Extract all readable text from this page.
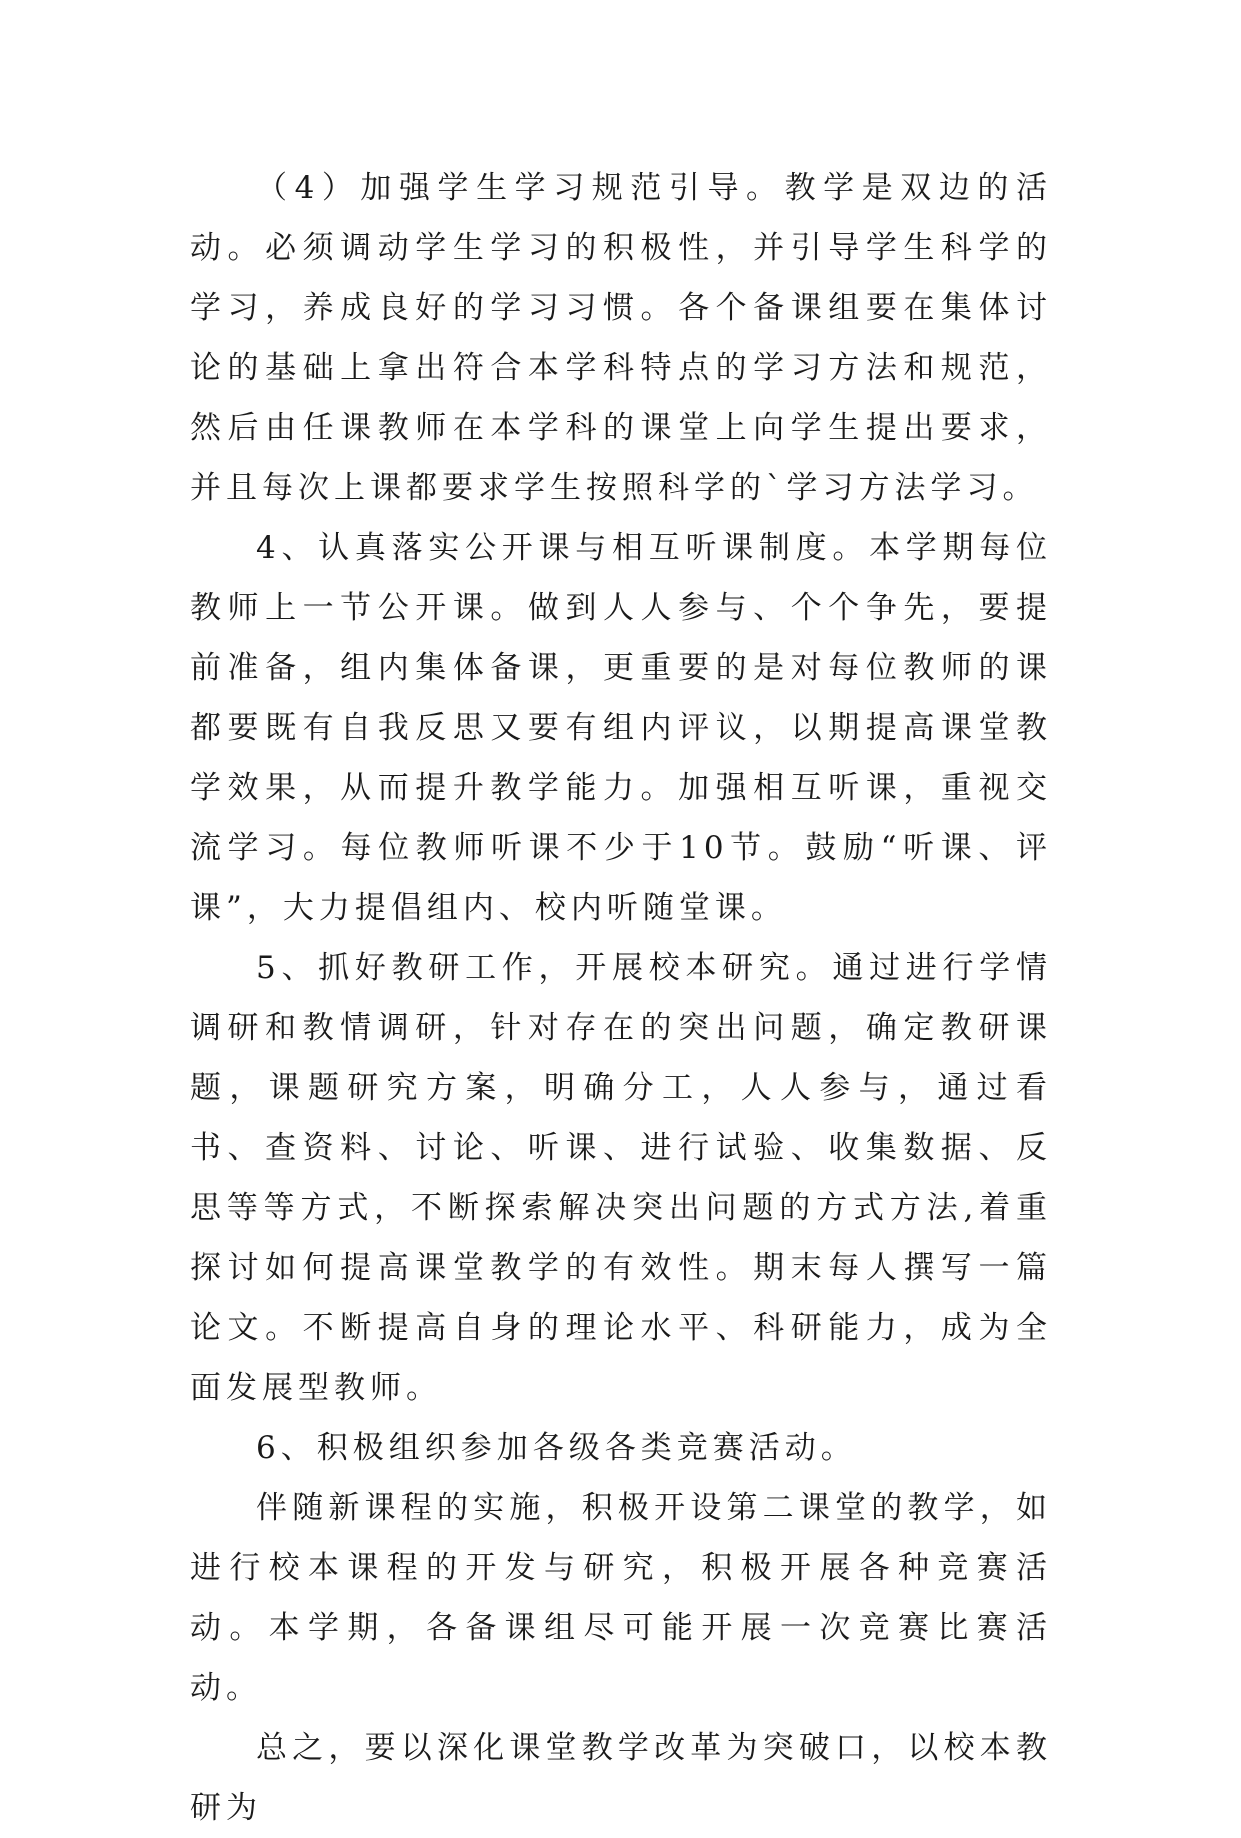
（4）加强学生学习规范引导。教学是双边的活动。必须调动学生学习的积极性，并引导学生科学的学习，养成良好的学习习惯。各个备课组要在集体讨论的基础上拿出符合本学科特点的学习方法和规范，然后由任课教师在本学科的课堂上向学生提出要求，并且每次上课都要求学生按照科学的`学习方法学习。

4、认真落实公开课与相互听课制度。本学期每位教师上一节公开课。做到人人参与、个个争先，要提前准备，组内集体备课，更重要的是对每位教师的课都要既有自我反思又要有组内评议，以期提高课堂教学效果，从而提升教学能力。加强相互听课，重视交流学习。每位教师听课不少于10节。鼓励“听课、评课”，大力提倡组内、校内听随堂课。

5、抓好教研工作，开展校本研究。通过进行学情调研和教情调研，针对存在的突出问题，确定教研课题，课题研究方案，明确分工，人人参与，通过看书、查资料、讨论、听课、进行试验、收集数据、反思等等方式，不断探索解决突出问题的方式方法,着重探讨如何提高课堂教学的有效性。期末每人撰写一篇论文。不断提高自身的理论水平、科研能力，成为全面发展型教师。

6、积极组织参加各级各类竞赛活动。

伴随新课程的实施，积极开设第二课堂的教学，如进行校本课程的开发与研究，积极开展各种竞赛活动。本学期，各备课组尽可能开展一次竞赛比赛活动。

总之，要以深化课堂教学改革为突破口，以校本教研为
